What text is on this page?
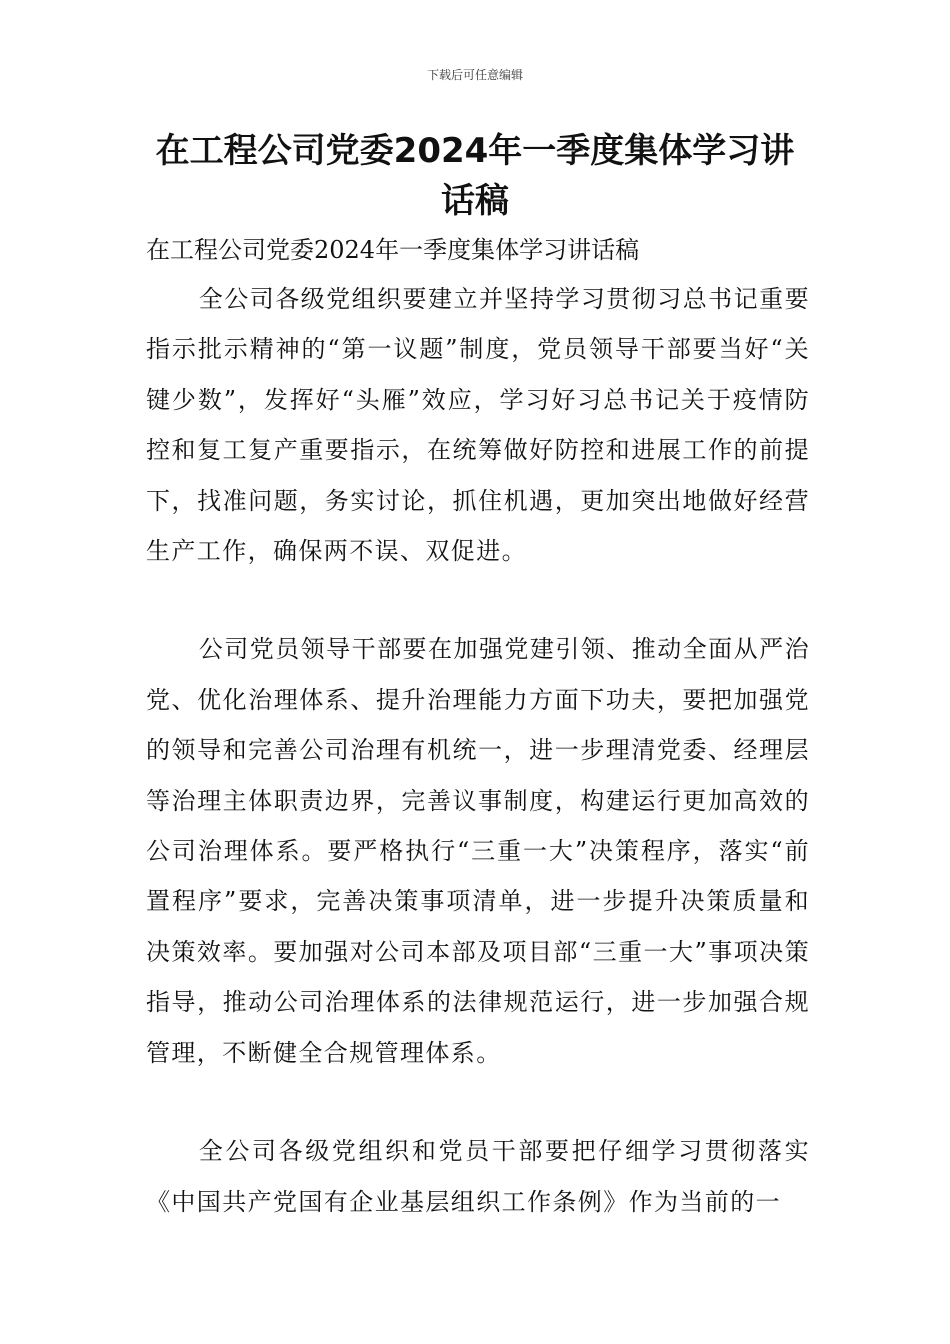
下载后可任意编辑
在工程公司党委2024年一季度集体学习讲话稿

在工程公司党委2024年一季度集体学习讲话稿

全公司各级党组织要建立并坚持学习贯彻习总书记重要指示批示精神的“第一议题”制度，党员领导干部要当好“关键少数”，发挥好“头雁”效应，学习好习总书记关于疫情防控和复工复产重要指示，在统筹做好防控和进展工作的前提下，找准问题，务实讨论，抓住机遇，更加突出地做好经营生产工作，确保两不误、双促进。

公司党员领导干部要在加强党建引领、推动全面从严治党、优化治理体系、提升治理能力方面下功夫，要把加强党的领导和完善公司治理有机统一，进一步理清党委、经理层等治理主体职责边界，完善议事制度，构建运行更加高效的公司治理体系。要严格执行“三重一大”决策程序，落实“前置程序”要求，完善决策事项清单，进一步提升决策质量和决策效率。要加强对公司本部及项目部“三重一大”事项决策指导，推动公司治理体系的法律规范运行，进一步加强合规管理，不断健全合规管理体系。

全公司各级党组织和党员干部要把仔细学习贯彻落实《中国共产党国有企业基层组织工作条例》作为当前的一
